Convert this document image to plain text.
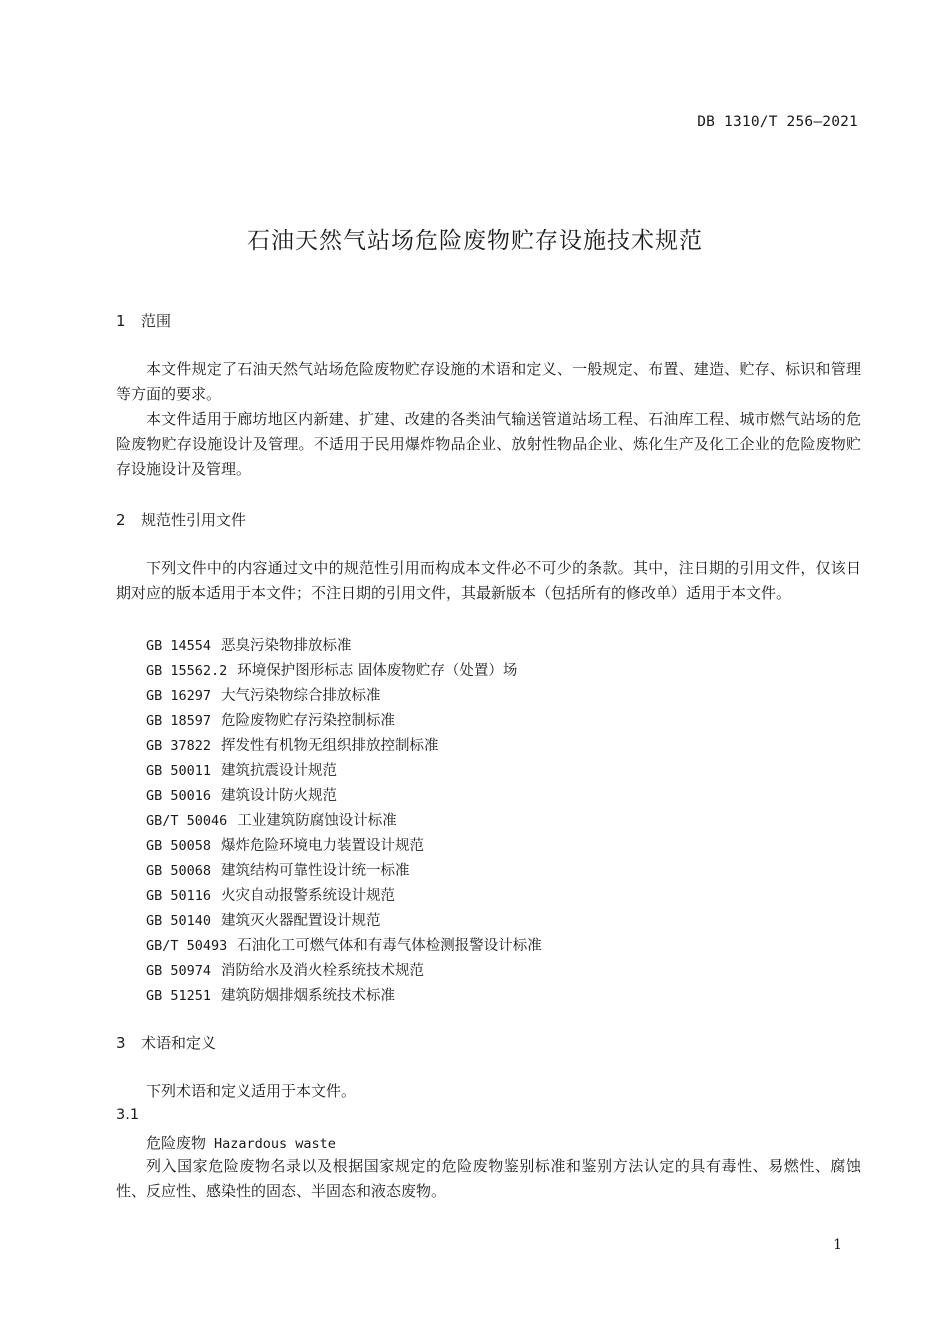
DB 1310/T 256—2021
石油天然气站场危险废物贮存设施技术规范
1 范围
本文件规定了石油天然气站场危险废物贮存设施的术语和定义、一般规定、布置、建造、贮存、标识和管理等方面的要求。
本文件适用于廊坊地区内新建、扩建、改建的各类油气输送管道站场工程、石油库工程、城市燃气站场的危险废物贮存设施设计及管理。不适用于民用爆炸物品企业、放射性物品企业、炼化生产及化工企业的危险废物贮存设施设计及管理。
2 规范性引用文件
下列文件中的内容通过文中的规范性引用而构成本文件必不可少的条款。其中，注日期的引用文件，仅该日期对应的版本适用于本文件；不注日期的引用文件，其最新版本（包括所有的修改单）适用于本文件。
GB 14554 恶臭污染物排放标准
GB 15562.2 环境保护图形标志 固体废物贮存（处置）场
GB 16297 大气污染物综合排放标准
GB 18597 危险废物贮存污染控制标准
GB 37822 挥发性有机物无组织排放控制标准
GB 50011 建筑抗震设计规范
GB 50016 建筑设计防火规范
GB/T 50046 工业建筑防腐蚀设计标准
GB 50058 爆炸危险环境电力装置设计规范
GB 50068 建筑结构可靠性设计统一标准
GB 50116 火灾自动报警系统设计规范
GB 50140 建筑灭火器配置设计规范
GB/T 50493 石油化工可燃气体和有毒气体检测报警设计标准
GB 50974 消防给水及消火栓系统技术规范
GB 51251 建筑防烟排烟系统技术标准
3 术语和定义
下列术语和定义适用于本文件。
3.1
危险废物 Hazardous waste
列入国家危险废物名录以及根据国家规定的危险废物鉴别标准和鉴别方法认定的具有毒性、易燃性、腐蚀性、反应性、感染性的固态、半固态和液态废物。
1
